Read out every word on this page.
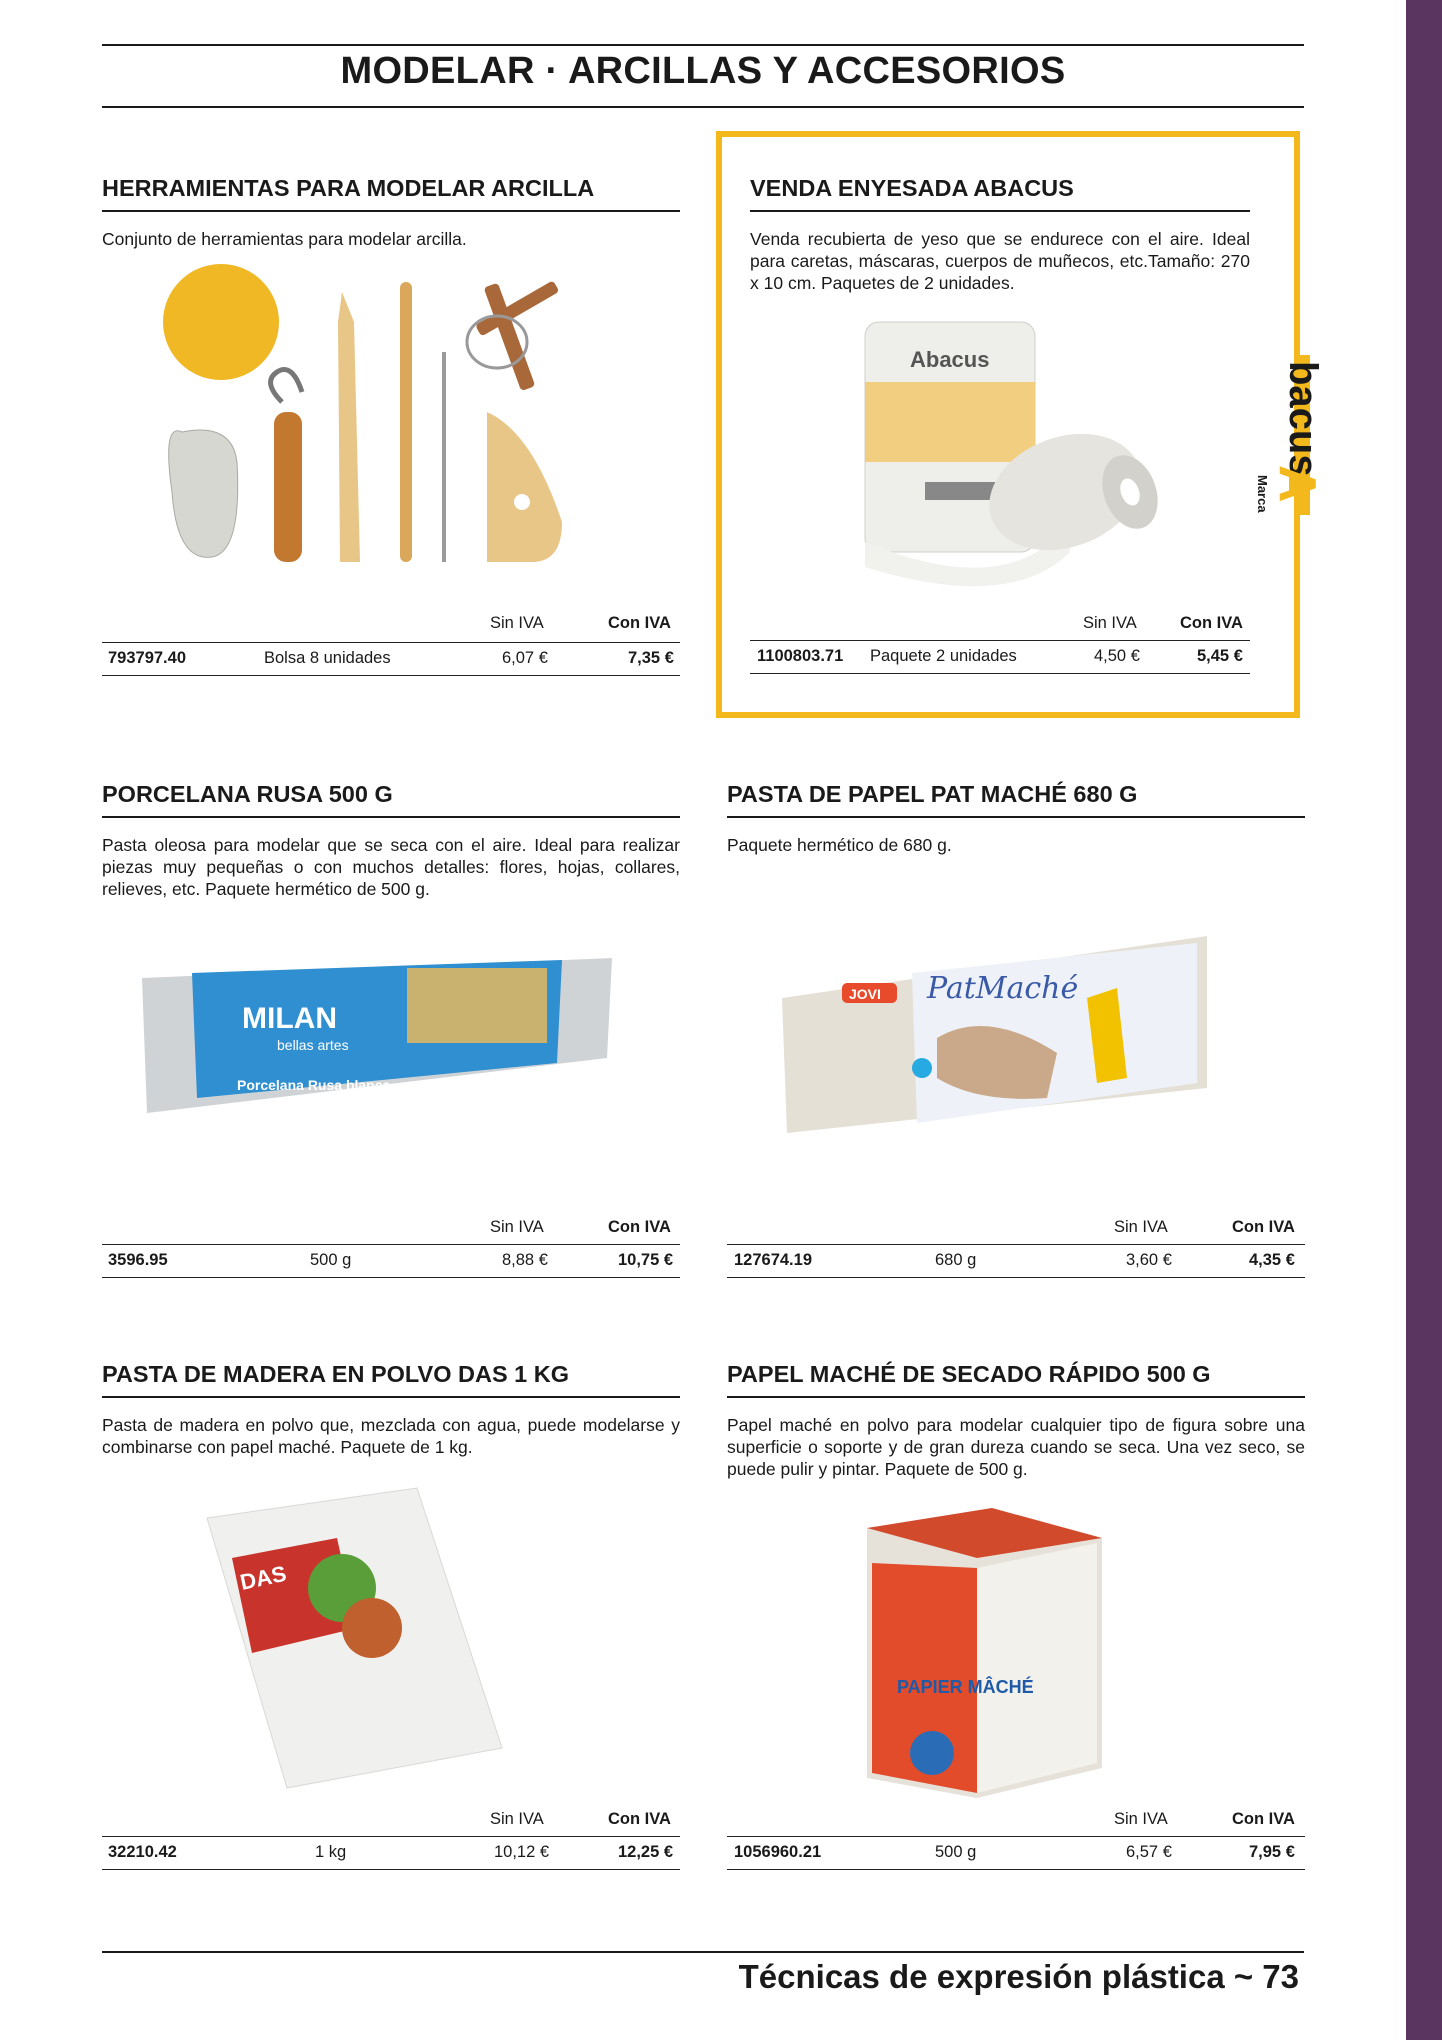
MODELAR · ARCILLAS Y ACCESORIOS
bacus
Marca
A
HERRAMIENTAS PARA MODELAR ARCILLA
Conjunto de herramientas para modelar arcilla.
Sin IVA	Con IVA
793797.40	Bolsa 8 unidades	6,07 €	7,35 €
VENDA ENYESADA ABACUS
Venda recubierta de yeso que se endurece con el aire. Ideal para caretas, máscaras, cuerpos de muñecos, etc.Tamaño: 270 x 10 cm. Paquetes de 2 unidades.
Abacus
Sin IVA	Con IVA
1100803.71 Paquete 2 unidades	4,50 €	5,45 €
PORCELANA RUSA 500 G
Pasta oleosa para modelar que se seca con el aire. Ideal para realizar piezas muy pequeñas o con muchos detalles: flores, hojas, collares, relieves, etc. Paquete hermético de 500 g.
MILAN
bellas artes
Porcelana Rusa blanca
Sin IVA	Con IVA
3596.95	500 g	8,88 €	10,75 €
PASTA DE PAPEL PAT MACHÉ 680 G
Paquete hermético de 680 g.
JOVI PatMaché
Sin IVA	Con IVA
127674.19	680 g	3,60 €	4,35 €
PASTA DE MADERA EN POLVO DAS 1 KG
Pasta de madera en polvo que, mezclada con agua, puede modelarse y combinarse con papel maché. Paquete de 1 kg.
DAS
Sin IVA	Con IVA
32210.42	1 kg	10,12 €	12,25 €
PAPEL MACHÉ DE SECADO RÁPIDO 500 G
Papel maché en polvo para modelar cualquier tipo de figura sobre una superficie o soporte y de gran dureza cuando se seca. Una vez seco, se puede pulir y pintar. Paquete de 500 g.
PAPIER MÂCHÉ
Sin IVA	Con IVA
1056960.21	500 g	6,57 €	7,95 €
Técnicas de expresión plástica ~ 73
